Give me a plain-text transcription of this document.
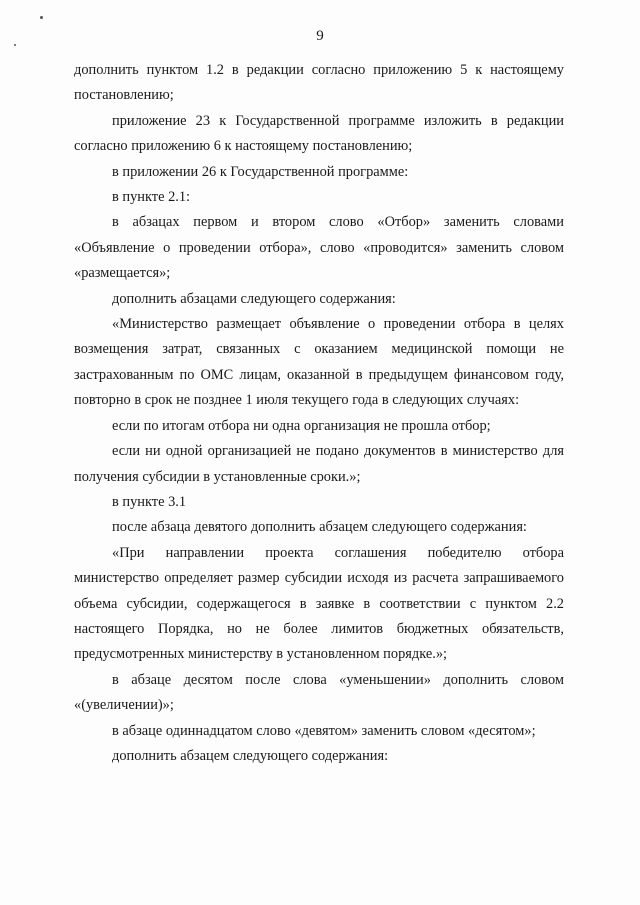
9

дополнить пунктом 1.2 в редакции согласно приложению 5 к настоящему постановлению;

приложение 23 к Государственной программе изложить в редакции согласно приложению 6 к настоящему постановлению;

в приложении 26 к Государственной программе:

в пункте 2.1:

в абзацах первом и втором слово «Отбор» заменить словами «Объявление о проведении отбора», слово «проводится» заменить словом «размещается»;

дополнить абзацами следующего содержания:

«Министерство размещает объявление о проведении отбора в целях возмещения затрат, связанных с оказанием медицинской помощи не застрахованным по ОМС лицам, оказанной в предыдущем финансовом году, повторно в срок не позднее 1 июля текущего года в следующих случаях:

если по итогам отбора ни одна организация не прошла отбор;

если ни одной организацией не подано документов в министерство для получения субсидии в установленные сроки.»;

в пункте 3.1

после абзаца девятого дополнить абзацем следующего содержания:

«При направлении проекта соглашения победителю отбора министерство определяет размер субсидии исходя из расчета запрашиваемого объема субсидии, содержащегося в заявке в соответствии с пунктом 2.2 настоящего Порядка, но не более лимитов бюджетных обязательств, предусмотренных министерству в установленном порядке.»;

в абзаце десятом после слова «уменьшении» дополнить словом «(увеличении)»;

в абзаце одиннадцатом слово «девятом» заменить словом «десятом»;

дополнить абзацем следующего содержания:
